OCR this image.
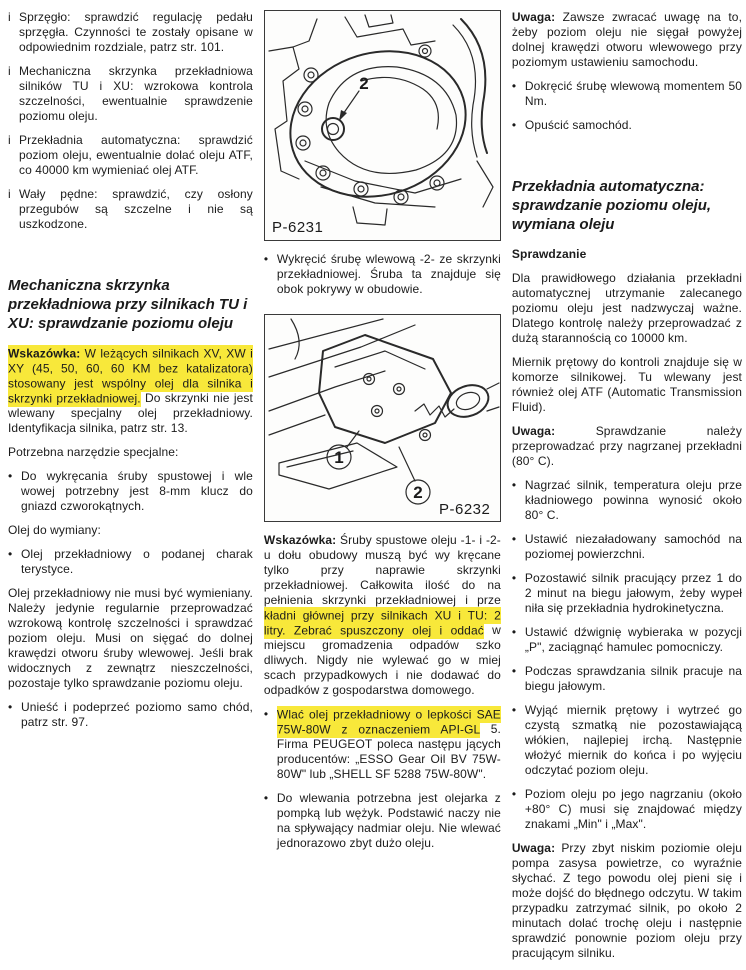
i Sprzęgło: sprawdzić regulację pedału sprzęgła. Czynności te zostały opisane w odpowiednim rozdziale, patrz str. 101.
i Mechaniczna skrzynka przekładniowa silników TU i XU: wzrokowa kontrola szczelności, ewentualnie sprawdzenie poziomu oleju.
i Przekładnia automatyczna: sprawdzić poziom oleju, ewentualnie dolać oleju ATF, co 40000 km wymieniać olej ATF.
i Wały pędne: sprawdzić, czy osłony przegubów są szczelne i nie są uszkodzone.
Mechaniczna skrzynka przekładniowa przy silnikach TU i XU: sprawdzanie poziomu oleju

Wskazówka: W leżących silnikach XV, XW i XY (45, 50, 60, 60 KM bez katalizatora) stosowany jest wspólny olej dla silnika i skrzynki przekładniowej. Do skrzynki nie jest wlewany specjalny olej przekładniowy. Identyfikacja silnika, patrz str. 13.

Potrzebna narzędzie specjalne:

• Do wykręcania śruby spustowej i wle wowej potrzebny jest 8-mm klucz do gniazd czworokątnych.

Olej do wymiany:

• Olej przekładniowy o podanej charak terystyce.

Olej przekładniowy nie musi być wymieniany. Należy jedynie regularnie przeprowadzać wzrokową kontrolę szczelności i sprawdzać poziom oleju. Musi on sięgać do dolnej krawędzi otworu śruby wlewowej. Jeśli brak widocznych z zewnątrz nieszczelności, pozostaje tylko sprawdzanie poziomu oleju.

• Unieść i podeprzeć poziomo samo chód, patrz str. 97.
2
P-6231
• Wykręcić śrubę wlewową -2- ze skrzynki przekładniowej. Śruba ta znajduje się obok pokrywy w obudowie.
1
2
P-6232

Wskazówka: Śruby spustowe oleju -1- i -2- u dołu obudowy muszą być wy kręcane tylko przy naprawie skrzynki przekładniowej. Całkowita ilość do na pełnienia skrzynki przekładniowej i prze kładni głównej przy silnikach XU i TU: 2 litry. Zebrać spuszczony olej i oddać w miejscu gromadzenia odpadów szko dliwych. Nigdy nie wylewać go w miej scach przypadkowych i nie dodawać do odpadków z gospodarstwa domowego.

• Wlać olej przekładniowy o lepkości SAE 75W-80W z oznaczeniem API-GL 5. Firma PEUGEOT poleca następu jących producentów: „ESSO Gear Oil BV 75W-80W" lub „SHELL SF 5288 75W-80W".
• Do wlewania potrzebna jest olejarka z pompką lub wężyk. Podstawić naczy nie na spływający nadmiar oleju. Nie wlewać jednorazowo zbyt dużo oleju.

Uwaga: Zawsze zwracać uwagę na to, żeby poziom oleju nie sięgał powyżej dolnej krawędzi otworu wlewowego przy poziomym ustawieniu samochodu.

• Dokręcić śrubę wlewową momentem 50 Nm.
• Opuścić samochód.
Przekładnia automatyczna: sprawdzanie poziomu oleju, wymiana oleju
Sprawdzanie

Dla prawidłowego działania przekładni automatycznej utrzymanie zalecanego poziomu oleju jest nadzwyczaj ważne. Dlatego kontrolę należy przeprowadzać z dużą starannością co 10000 km.

Miernik prętowy do kontroli znajduje się w komorze silnikowej. Tu wlewany jest również olej ATF (Automatic Transmission Fluid).

Uwaga: Sprawdzanie należy przeprowadzać przy nagrzanej przekładni (80° C).

• Nagrzać silnik, temperatura oleju prze kładniowego powinna wynosić około 80° C.
• Ustawić niezaładowany samochód na poziomej powierzchni.
• Pozostawić silnik pracujący przez 1 do 2 minut na biegu jałowym, żeby wypeł niła się przekładnia hydrokinetyczna.
• Ustawić dźwignię wybieraka w pozycji „P", zaciągnąć hamulec pomocniczy.
• Podczas sprawdzania silnik pracuje na biegu jałowym.
• Wyjąć miernik prętowy i wytrzeć go czystą szmatką nie pozostawiającą włókien, najlepiej irchą. Następnie włożyć miernik do końca i po wyjęciu odczytać poziom oleju.
• Poziom oleju po jego nagrzaniu (około +80° C) musi się znajdować między znakami „Min" i „Max".

Uwaga: Przy zbyt niskim poziomie oleju pompa zasysa powietrze, co wyraźnie słychać. Z tego powodu olej pieni się i może dojść do błędnego odczytu. W takim przypadku zatrzymać silnik, po około 2 minutach dolać trochę oleju i następnie sprawdzić ponownie poziom oleju przy pracującym silniku.
